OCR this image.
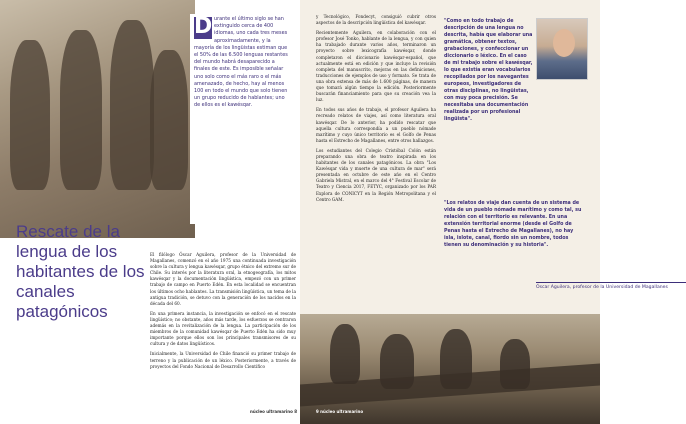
D urante el último siglo se han extinguido cerca de 400 idiomas, uno cada tres meses aproximadamente, y la mayoría de los lingüistas estiman que el 50% de las 6.500 lenguas restantes del mundo habrá desaparecido a finales de este. Es imposible señalar uno solo como el más raro o el más amenazado, de hecho, hay al menos 100 en todo el mundo que solo tienen un grupo reducido de hablantes; uno de ellos es el kawésqar.
Rescate de la lengua de los habitantes de los canales patagónicos

El filólogo Óscar Aguilera, profesor de la Universidad de Magallanes, comenzó en el año 1975 una continuada investigación sobre la cultura y lengua kawésqar, grupo étnico del extremo sur de Chile. Su interés por la literatura oral, la etnogeografía, los mitos kawésqar y la documentación lingüística, empezó con un primer trabajo de campo en Puerto Edén. En esta localidad se encuentran los últimos ocho hablantes. La transmisión lingüística, un tema de la antigua tradición, se detuvo con la generación de los nacidos en la década del 60.

En una primera instancia, la investigación se enfocó en el rescate lingüístico; no obstante, años más tarde, los esfuerzos se centraron además en la revitalización de la lengua. La participación de los miembros de la comunidad kawésqar de Puerto Edén ha sido muy importante porque ellos son los principales transmisores de su cultura y de datos lingüísticos.

Inicialmente, la Universidad de Chile financió su primer trabajo de terreno y la publicación de un léxico. Posteriormente, a través de proyectos del Fondo Nacional de Desarrollo Científico

núcleo ultramarino 8

y Tecnológico, Fondecyt, consiguió cubrir otros aspectos de la descripción lingüística del kawésqar.

Recientemente Aguilera, en colaboración con el profesor José Tonko, hablante de la lengua, y con quien ha trabajado durante varios años, terminaron un proyecto sobre lexicografía kawésqar, donde completaron el diccionario kawésqar-español, que actualmente está en edición y que incluye la revisión completa del manuscrito, mejoras en las definiciones, traducciones de ejemplos de uso y formato. Se trata de una obra extensa de más de 1.600 páginas, de manera que tomará algún tiempo la edición. Posteriormente buscarán financiamiento para que su creación vea la luz.

En todos sus años de trabajo, el profesor Aguilera ha recreado relatos de viajes, así como literatura oral kawésqar. De lo anterior, ha podido rescatar que aquella cultura correspondía a un pueblo nómade marítimo y cuyo único territorio es el Golfo de Penas hasta el Estrecho de Magallanes, entre otros hallazgos.

Los estudiantes del Colegio Cristóbal Colón están preparando una obra de teatro inspirada en los habitantes de los canales patagónicos. La obra "Los Kawésqar vida y muerte de una cultura de mar" será presentada en octubre de este año en el Centro Gabriela Mistral, en el marco del 4° Festival Escolar de Teatro y Ciencia 2017, FETYC, organizado por los PAR Explora de CONICYT en la Región Metropolitana y el Centro GAM.

"Como en todo trabajo de descripción de una lengua no descrita, había que elaborar una gramática, obtener textos, grabaciones, y confeccionar un diccionario o léxico. En el caso de mi trabajo sobre el kawésqar, lo que existía eran vocabularios recopilados por los navegantes europeos, investigadores de otras disciplinas, no lingüistas, con muy poca precisión. Se necesitaba una documentación realizada por un profesional lingüista".
"Los relatos de viaje dan cuenta de un sistema de vida de un pueblo nómade marítimo y como tal, su relación con el territorio es relevante. En una extensión territorial enorme (desde el Golfo de Penas hasta el Estrecho de Magallanes), no hay isla, islote, canal, fiordo sin un nombre, todos tienen su denominación y su historia".
Óscar Aguilera, profesor de la Universidad de Magallanes
9 núcleo ultramarino
